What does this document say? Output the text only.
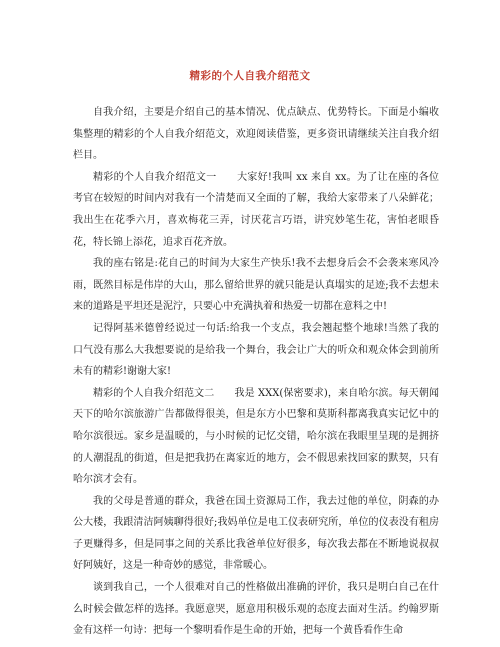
精彩的个人自我介绍范文

自我介绍，主要是介绍自己的基本情况、优点缺点、优势特长。下面是小编收集整理的精彩的个人自我介绍范文，欢迎阅读借鉴，更多资讯请继续关注自我介绍栏目。

精彩的个人自我介绍范文一　　大家好!我叫 xx 来自 xx。为了让在座的各位考官在较短的时间内对我有一个清楚而又全面的了解，我给大家带来了八朵鲜花；我出生在花季六月，喜欢梅花三弄，讨厌花言巧语，讲究妙笔生花，害怕老眼昏花，特长锦上添花，追求百花齐放。

我的座右铭是:花自己的时间为大家生产快乐!我不去想身后会不会袭来寒风冷雨，既然目标是伟岸的大山，那么留给世界的就只能是认真塌实的足迹;我不去想未来的道路是平坦还是泥泞，只要心中充满执着和热爱一切都在意料之中!

记得阿基米德曾经说过一句话:给我一个支点，我会翘起整个地球!当然了我的口气没有那么大我想要说的是给我一个舞台，我会让广大的听众和观众体会到前所未有的精彩!谢谢大家!

精彩的个人自我介绍范文二　　我是 XXX(保密要求)，来自哈尔滨。每天朝闻天下的哈尔滨旅游广告都做得很美，但是东方小巴黎和莫斯科都离我真实记忆中的哈尔滨很远。家乡是温暖的，与小时候的记忆交错，哈尔滨在我眼里呈现的是拥挤的人潮混乱的街道，但是把我扔在离家近的地方，会不假思索找回家的默契，只有哈尔滨才会有。

我的父母是普通的群众，我爸在国土资源局工作，我去过他的单位，阴森的办公大楼，我跟清洁阿姨聊得很好;我妈单位是电工仪表研究所，单位的仪表没有租房子更赚得多，但是同事之间的关系比我爸单位好很多，每次我去都在不断地说叔叔好阿姨好，这是一种奇妙的感觉，非常暖心。

谈到我自己，一个人很难对自己的性格做出准确的评价，我只是明白自己在什么时候会做怎样的选择。我愿意哭，愿意用积极乐观的态度去面对生活。约翰罗斯金有这样一句诗：把每一个黎明看作是生命的开始，把每一个黄昏看作生命
